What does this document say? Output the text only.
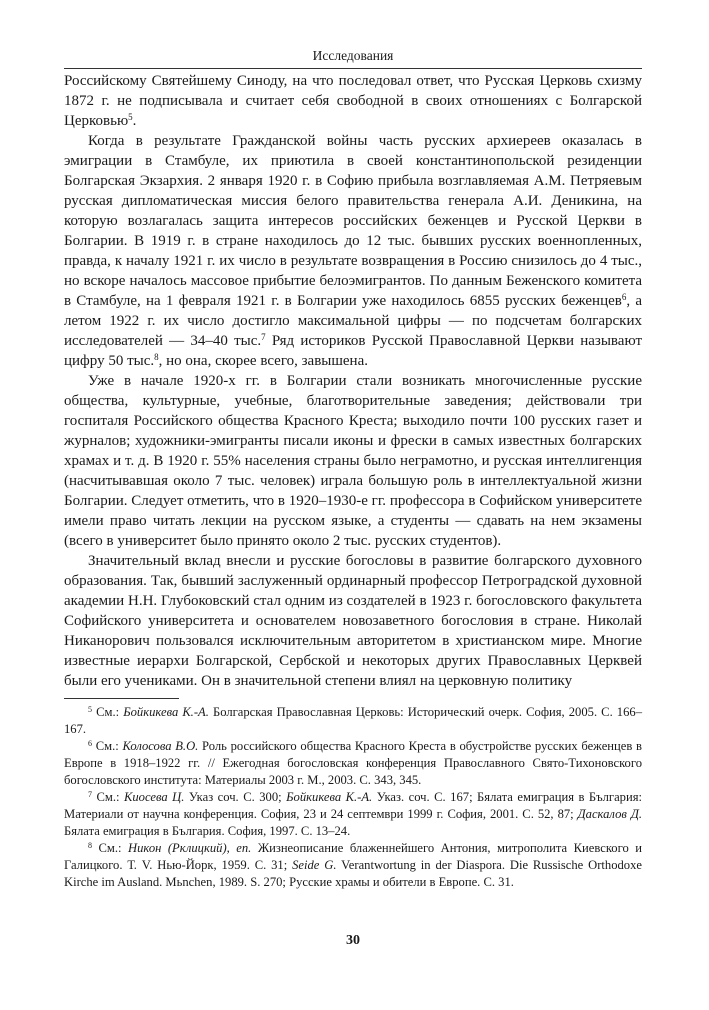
Исследования

Российскому Святейшему Синоду, на что последовал ответ, что Русская Церковь схизму 1872 г. не подписывала и считает себя свободной в своих отношениях с Болгарской Церковью$^5$.

Когда в результате Гражданской войны часть русских архиереев оказалась в эмиграции в Стамбуле, их приютила в своей константинопольской резиденции Болгарская Экзархия. 2 января 1920 г. в Софию прибыла возглавляемая А.М. Петряевым русская дипломатическая миссия белого правительства генерала А.И. Деникина, на которую возлагалась защита интересов российских беженцев и Русской Церкви в Болгарии. В 1919 г. в стране находилось до 12 тыс. бывших русских военнопленных, правда, к началу 1921 г. их число в результате возвращения в Россию снизилось до 4 тыс., но вскоре началось массовое прибытие белоэмигрантов. По данным Беженского комитета в Стамбуле, на 1 февраля 1921 г. в Болгарии уже находилось 6855 русских беженцев$^6$, а летом 1922 г. их число достигло максимальной цифры — по подсчетам болгарских исследователей — 34–40 тыс.$^7$ Ряд историков Русской Православной Церкви называют цифру 50 тыс.$^8$, но она, скорее всего, завышена.

Уже в начале 1920-х гг. в Болгарии стали возникать многочисленные русские общества, культурные, учебные, благотворительные заведения; действовали три госпиталя Российского общества Красного Креста; выходило почти 100 русских газет и журналов; художники-эмигранты писали иконы и фрески в самых известных болгарских храмах и т. д. В 1920 г. 55% населения страны было неграмотно, и русская интеллигенция (насчитывавшая около 7 тыс. человек) играла большую роль в интеллектуальной жизни Болгарии. Следует отметить, что в 1920–1930-е гг. профессора в Софийском университете имели право читать лекции на русском языке, а студенты — сдавать на нем экзамены (всего в университет было принято около 2 тыс. русских студентов).

Значительный вклад внесли и русские богословы в развитие болгарского духовного образования. Так, бывший заслуженный ординарный профессор Петроградской духовной академии Н.Н. Глубоковский стал одним из создателей в 1923 г. богословского факультета Софийского университета и основателем новозаветного богословия в стране. Николай Никанорович пользовался исключительным авторитетом в христианском мире. Многие известные иерархи Болгарской, Сербской и некоторых других Православных Церквей были его учениками. Он в значительной степени влиял на церковную политику

$^5$ См.: Бойкикева К.-А. Болгарская Православная Церковь: Исторический очерк. София, 2005. С. 166–167.

$^6$ См.: Колосова В.О. Роль российского общества Красного Креста в обустройстве русских беженцев в Европе в 1918–1922 гг. // Ежегодная богословская конференция Православного Свято-Тихоновского богословского института: Материалы 2003 г. М., 2003. С. 343, 345.

$^7$ См.: Киосева Ц. Указ соч. С. 300; Бойкикева К.-А. Указ. соч. С. 167; Бялата емиграция в България: Материали от научна конференция. София, 23 и 24 септември 1999 г. София, 2001. С. 52, 87; Даскалов Д. Бялата емиграция в България. София, 1997. С. 13–24.

$^8$ См.: Никон (Рклицкий), еп. Жизнеописание блаженнейшего Антония, митрополита Киевского и Галицкого. Т. V. Нью-Йорк, 1959. С. 31; Seide G. Verantwortung in der Diaspora. Die Russische Orthodoxe Kirche im Ausland. Mьnchen, 1989. S. 270; Русские храмы и обители в Европе. С. 31.

30
